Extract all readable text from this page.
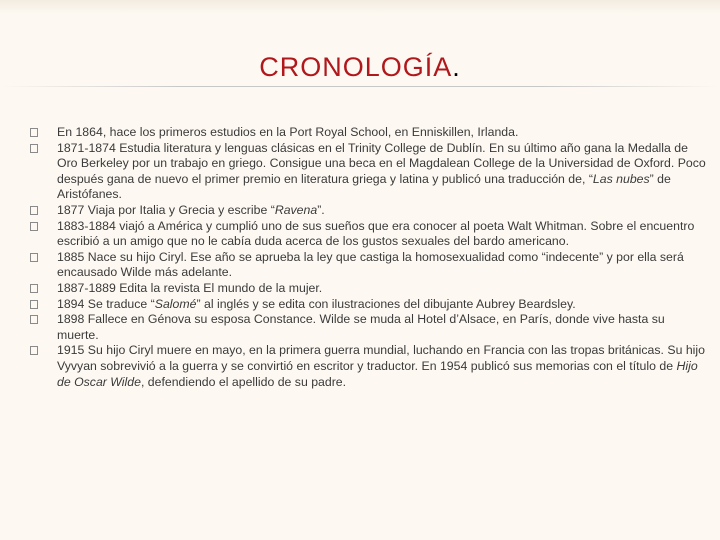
CRONOLOGÍA.
En 1864, hace los primeros estudios en la Port Royal School, en Enniskillen, Irlanda.
1871-1874 Estudia literatura y lenguas clásicas en el Trinity College de Dublín. En su último año gana la Medalla de Oro Berkeley por un trabajo en griego. Consigue una beca en el Magdalean College de la Universidad de Oxford. Poco después gana de nuevo el primer premio en literatura griega y latina y publicó una traducción de, “Las nubes” de Aristófanes.
1877 Viaja por Italia y Grecia y escribe “Ravena”.
1883-1884 viajó a América y cumplió uno de sus sueños que era conocer al poeta Walt Whitman. Sobre el encuentro escribió a un amigo que no le cabía duda acerca de los gustos sexuales del bardo americano.
1885 Nace su hijo Ciryl. Ese año se aprueba la ley que castiga la homosexualidad como “indecente” y por ella será encausado Wilde más adelante.
1887-1889 Edita la revista El mundo de la mujer.
1894 Se traduce “Salomé” al inglés y se edita con ilustraciones del dibujante Aubrey Beardsley.
1898 Fallece en Génova su esposa Constance. Wilde se muda al Hotel d’Alsace, en París, donde vive hasta su muerte.
1915 Su hijo Ciryl muere en mayo, en la primera guerra mundial, luchando en Francia con las tropas británicas. Su hijo Vyvyan sobrevivió a la guerra y se convirtió en escritor y traductor. En 1954 publicó sus memorias con el título de Hijo de Oscar Wilde, defendiendo el apellido de su padre.
